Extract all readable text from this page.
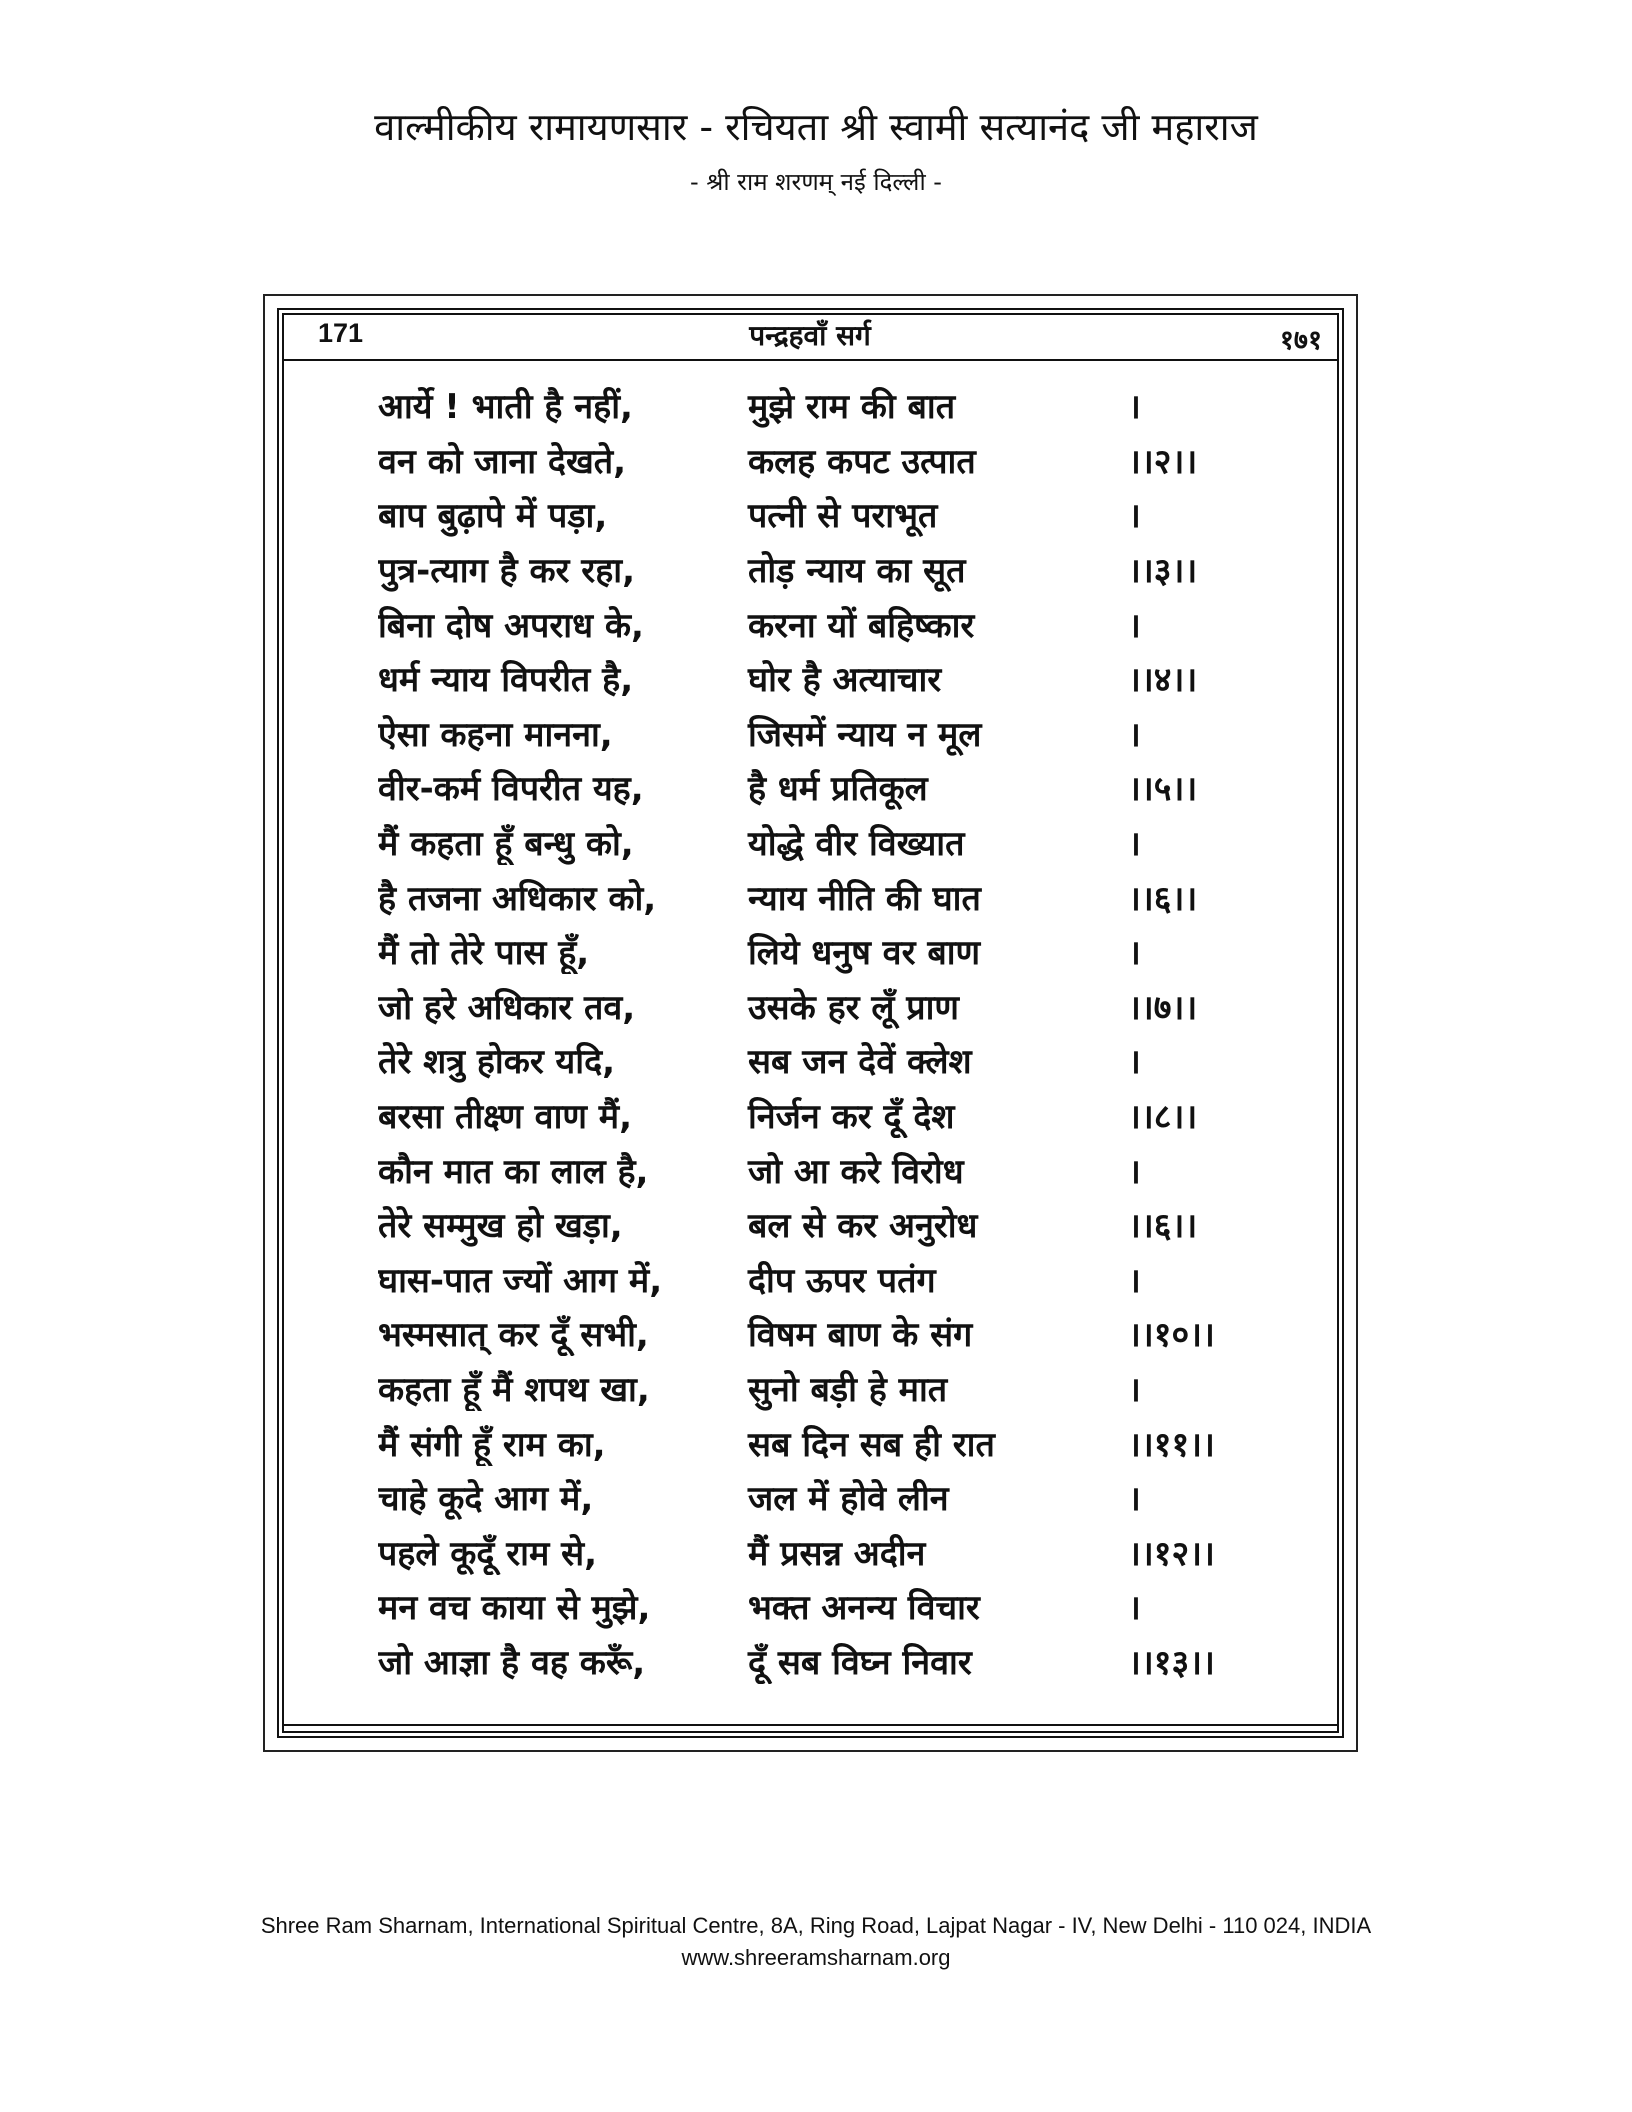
वाल्मीकीय रामायणसार - रचियता श्री स्वामी सत्यानंद जी महाराज
- श्री राम शरणम् नई दिल्ली -
171	पन्द्रहवाँ सर्ग	१७१
आर्ये ! भाती है नहीं,	मुझे राम की बात	।
वन को जाना देखते,	कलह कपट उत्पात	।।२।।
बाप बुढ़ापे में पड़ा,	पत्नी से पराभूत	।
पुत्र-त्याग है कर रहा,	तोड़ न्याय का सूत	।।३।।
बिना दोष अपराध के,	करना यों बहिष्कार	।
धर्म न्याय विपरीत है,	घोर है अत्याचार	।।४।।
ऐसा कहना मानना,	जिसमें न्याय न मूल	।
वीर-कर्म विपरीत यह,	है धर्म प्रतिकूल	।।५।।
मैं कहता हूँ बन्धु को,	योद्धे वीर विख्यात	।
है तजना अधिकार को,	न्याय नीति की घात	।।६।।
मैं तो तेरे पास हूँ,	लिये धनुष वर बाण	।
जो हरे अधिकार तव,	उसके हर लूँ प्राण	।।७।।
तेरे शत्रु होकर यदि,	सब जन देवें क्लेश	।
बरसा तीक्ष्ण वाण मैं,	निर्जन कर दूँ देश	।।८।।
कौन मात का लाल है,	जो आ करे विरोध	।
तेरे सम्मुख हो खड़ा,	बल से कर अनुरोध	।।६।।
घास-पात ज्यों आग में,	दीप ऊपर पतंग	।
भस्मसात् कर दूँ सभी,	विषम बाण के संग	।।१०।।
कहता हूँ मैं शपथ खा,	सुनो बड़ी हे मात	।
मैं संगी हूँ राम का,	सब दिन सब ही रात	।।११।।
चाहे कूदे आग में,	जल में होवे लीन	।
पहले कूदूँ राम से,	मैं प्रसन्न अदीन	।।१२।।
मन वच काया से मुझे,	भक्त अनन्य विचार	।
जो आज्ञा है वह करूँ,	दूँ सब विघ्न निवार	।।१३।।
Shree Ram Sharnam, International Spiritual Centre, 8A, Ring Road, Lajpat Nagar - IV, New Delhi - 110 024, INDIA
www.shreeramsharnam.org
